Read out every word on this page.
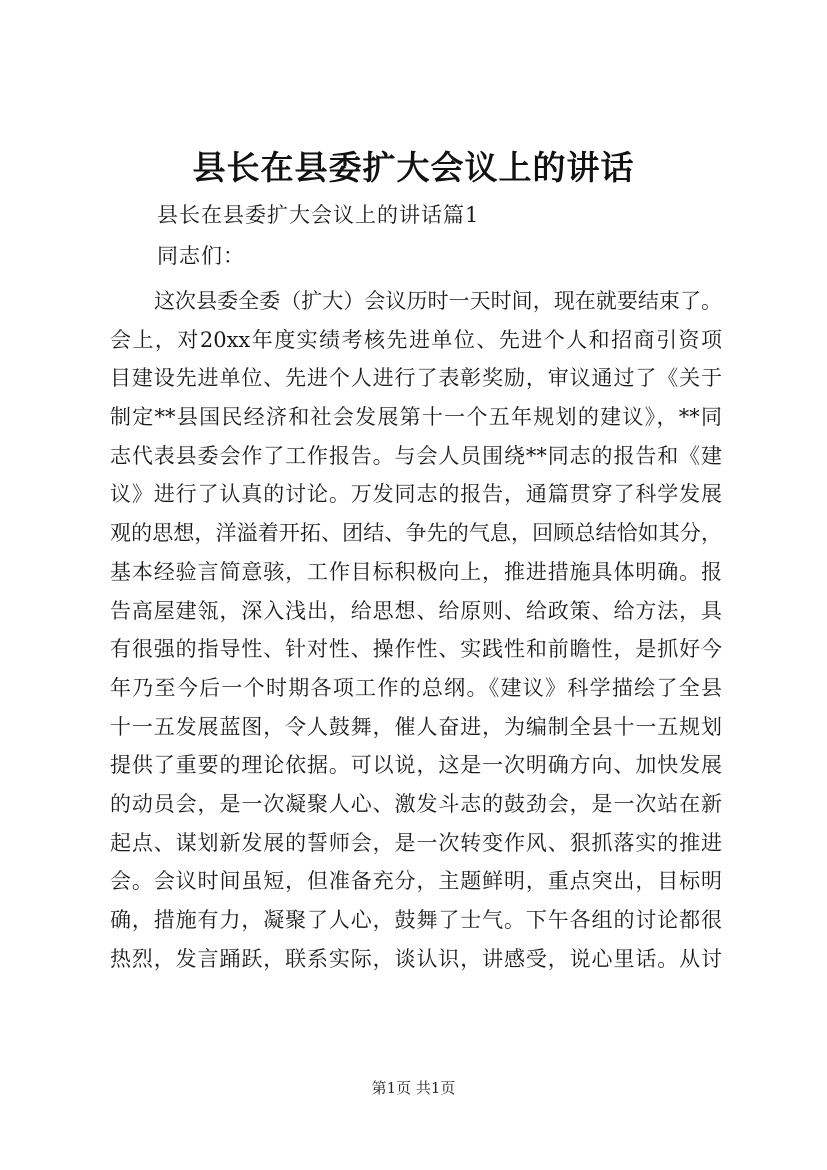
县长在县委扩大会议上的讲话
县长在县委扩大会议上的讲话篇1
同志们：
这次县委全委（扩大）会议历时一天时间，现在就要结束了。
会上，对20xx年度实绩考核先进单位、先进个人和招商引资项
目建设先进单位、先进个人进行了表彰奖励，审议通过了《关于
制定**县国民经济和社会发展第十一个五年规划的建议》，**同
志代表县委会作了工作报告。与会人员围绕**同志的报告和《建
议》进行了认真的讨论。万发同志的报告，通篇贯穿了科学发展
观的思想，洋溢着开拓、团结、争先的气息，回顾总结恰如其分，
基本经验言简意骇，工作目标积极向上，推进措施具体明确。报
告高屋建瓴，深入浅出，给思想、给原则、给政策、给方法，具
有很强的指导性、针对性、操作性、实践性和前瞻性，是抓好今
年乃至今后一个时期各项工作的总纲。《建议》科学描绘了全县
十一五发展蓝图，令人鼓舞，催人奋进，为编制全县十一五规划
提供了重要的理论依据。可以说，这是一次明确方向、加快发展
的动员会，是一次凝聚人心、激发斗志的鼓劲会，是一次站在新
起点、谋划新发展的誓师会，是一次转变作风、狠抓落实的推进
会。会议时间虽短，但准备充分，主题鲜明，重点突出，目标明
确，措施有力，凝聚了人心，鼓舞了士气。下午各组的讨论都很
热烈，发言踊跃，联系实际，谈认识，讲感受，说心里话。从讨
第1页 共1页
